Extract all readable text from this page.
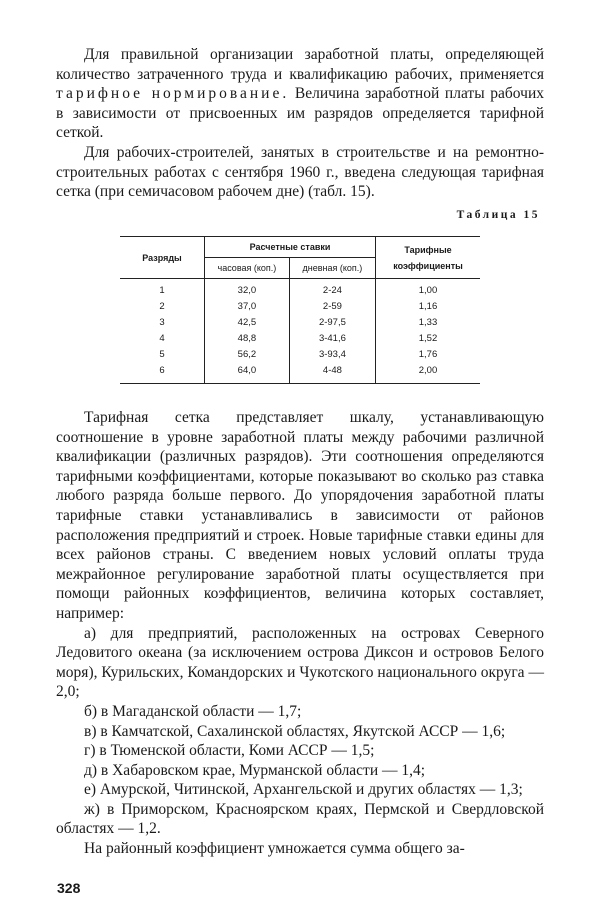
Для правильной организации заработной платы, определяющей количество затраченного труда и квалификацию рабочих, применяется тарифное нормирование. Величина заработной платы рабочих в зависимости от присвоенных им разрядов определяется тарифной сеткой.

Для рабочих-строителей, занятых в строительстве и на ремонтно-строительных работах с сентября 1960 г., введена следующая тарифная сетка (при семичасовом рабочем дне) (табл. 15).

Таблица 15
Разряды	Расчетные ставки		Тарифные коэффициенты
	часовая (коп.)	дневная (коп.)	

1	32,0	2-24	1,00
2	37,0	2-59	1,16
3	42,5	2-97,5	1,33
4	48,8	3-41,6	1,52
5	56,2	3-93,4	1,76
6	64,0	4-48	2,00

Тарифная сетка представляет шкалу, устанавливающую соотношение в уровне заработной платы между рабочими различной квалификации (различных разрядов). Эти соотношения определяются тарифными коэффициентами, которые показывают во сколько раз ставка любого разряда больше первого. До упорядочения заработной платы тарифные ставки устанавливались в зависимости от районов расположения предприятий и строек. Новые тарифные ставки едины для всех районов страны. С введением новых условий оплаты труда межрайонное регулирование заработной платы осуществляется при помощи районных коэффициентов, величина которых составляет, например:

а) для предприятий, расположенных на островах Северного Ледовитого океана (за исключением острова Диксон и островов Белого моря), Курильских, Командорских и Чукотского национального округа — 2,0;

б) в Магаданской области — 1,7;

в) в Камчатской, Сахалинской областях, Якутской АССР — 1,6;

г) в Тюменской области, Коми АССР — 1,5;

д) в Хабаровском крае, Мурманской области — 1,4;

е) Амурской, Читинской, Архангельской и других областях — 1,3;

ж) в Приморском, Красноярском краях, Пермской и Свердловской областях — 1,2.

На районный коэффициент умножается сумма общего за-

328
